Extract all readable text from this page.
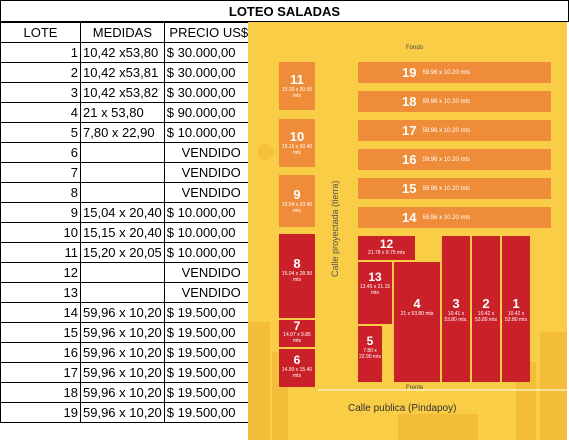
LOTEO SALADAS
LOTE	MEDIDAS	PRECIO US$
1	10,42 x53,80	$ 30.000,00
2	10,42 x53,81	$ 30.000,00
3	10,42 x53,82	$ 30.000,00
4	21 x 53,80	$ 90.000,00
5	7,80 x 22,90	$ 10.000,00
6		VENDIDO
7		VENDIDO
8		VENDIDO
9	15,04 x 20,40	$ 10.000,00
10	15,15 x 20,40	$ 10.000,00
11	15,20 x 20,05	$ 10.000,00
12		VENDIDO
13		VENDIDO
14	59,96 x 10,20	$ 19.500,00
15	59,96 x 10,20	$ 19.500,00
16	59,96 x 10,20	$ 19.500,00
17	59,96 x 10,20	$ 19.500,00
18	59,96 x 10,20	$ 19.500,00
19	59,96 x 10,20	$ 19.500,00
Fondo
Frente
Calle publica (Pindapoy)
Calle proyectada (tierra)
19 59.96 x 10.20 mts
18 59.96 x 10.20 mts
17 59.96 x 10.20 mts
16 59.96 x 10.20 mts
15 59.96 x 10.20 mts
14 59.96 x 10.20 mts
11
15.20 x 20.05 mts
10
15.15 x 20.40 mts
9
15.04 x 20.40 mts
8
15.04 x 28.90 mts
7
14.97 x 9.85 mts
6
14.90 x 15.40 mts
12
21.78 x 9.75 mts
13
13.45 x 21.15 mts
5
7.80 x 22.90 mts
4
21 x 53.80 mts
3
10.41 x 53.80 mts.
2
10.42 x 53.80 mts
1
10.42 x 53.80 mts
